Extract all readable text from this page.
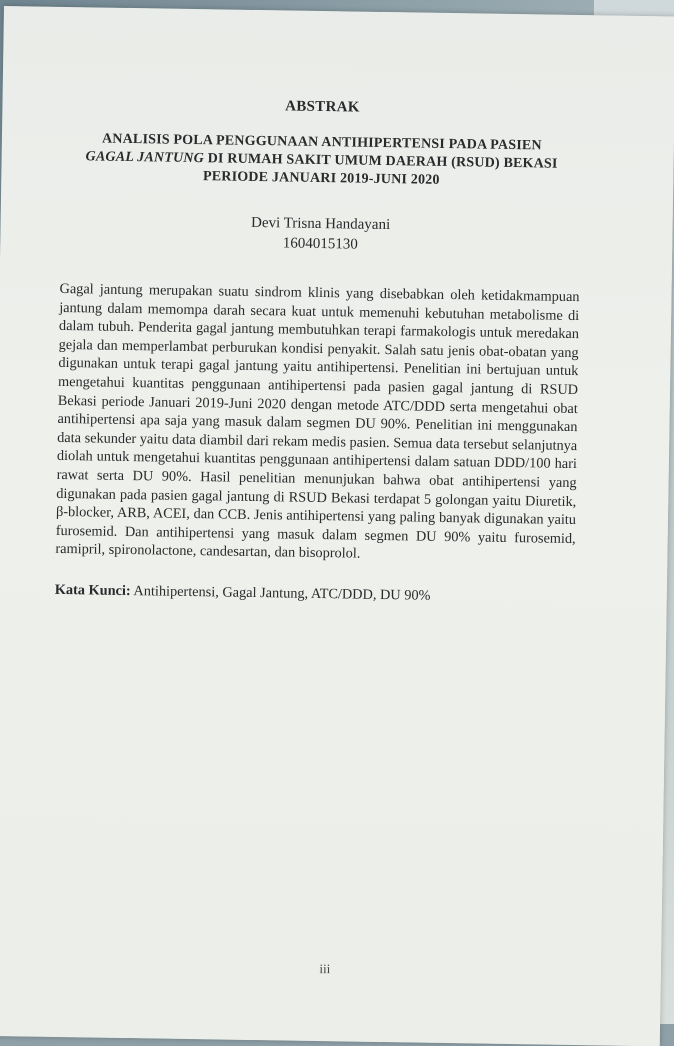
ABSTRAK

ANALISIS POLA PENGGUNAAN ANTIHIPERTENSI PADA PASIEN

GAGAL JANTUNG DI RUMAH SAKIT UMUM DAERAH (RSUD) BEKASI

PERIODE JANUARI 2019-JUNI 2020

Devi Trisna Handayani
1604015130

Gagal jantung merupakan suatu sindrom klinis yang disebabkan oleh ketidakmampuan jantung dalam memompa darah secara kuat untuk memenuhi kebutuhan metabolisme di dalam tubuh. Penderita gagal jantung membutuhkan terapi farmakologis untuk meredakan gejala dan memperlambat perburukan kondisi penyakit. Salah satu jenis obat-obatan yang digunakan untuk terapi gagal jantung yaitu antihipertensi. Penelitian ini bertujuan untuk mengetahui kuantitas penggunaan antihipertensi pada pasien gagal jantung di RSUD Bekasi periode Januari 2019-Juni 2020 dengan metode ATC/DDD serta mengetahui obat antihipertensi apa saja yang masuk dalam segmen DU 90%. Penelitian ini menggunakan data sekunder yaitu data diambil dari rekam medis pasien. Semua data tersebut selanjutnya diolah untuk mengetahui kuantitas penggunaan antihipertensi dalam satuan DDD/100 hari rawat serta DU 90%. Hasil penelitian menunjukan bahwa obat antihipertensi yang digunakan pada pasien gagal jantung di RSUD Bekasi terdapat 5 golongan yaitu Diuretik, β-blocker, ARB, ACEI, dan CCB. Jenis antihipertensi yang paling banyak digunakan yaitu furosemid. Dan antihipertensi yang masuk dalam segmen DU 90% yaitu furosemid, ramipril, spironolactone, candesartan, dan bisoprolol.

Kata Kunci: Antihipertensi, Gagal Jantung, ATC/DDD, DU 90%

iii
